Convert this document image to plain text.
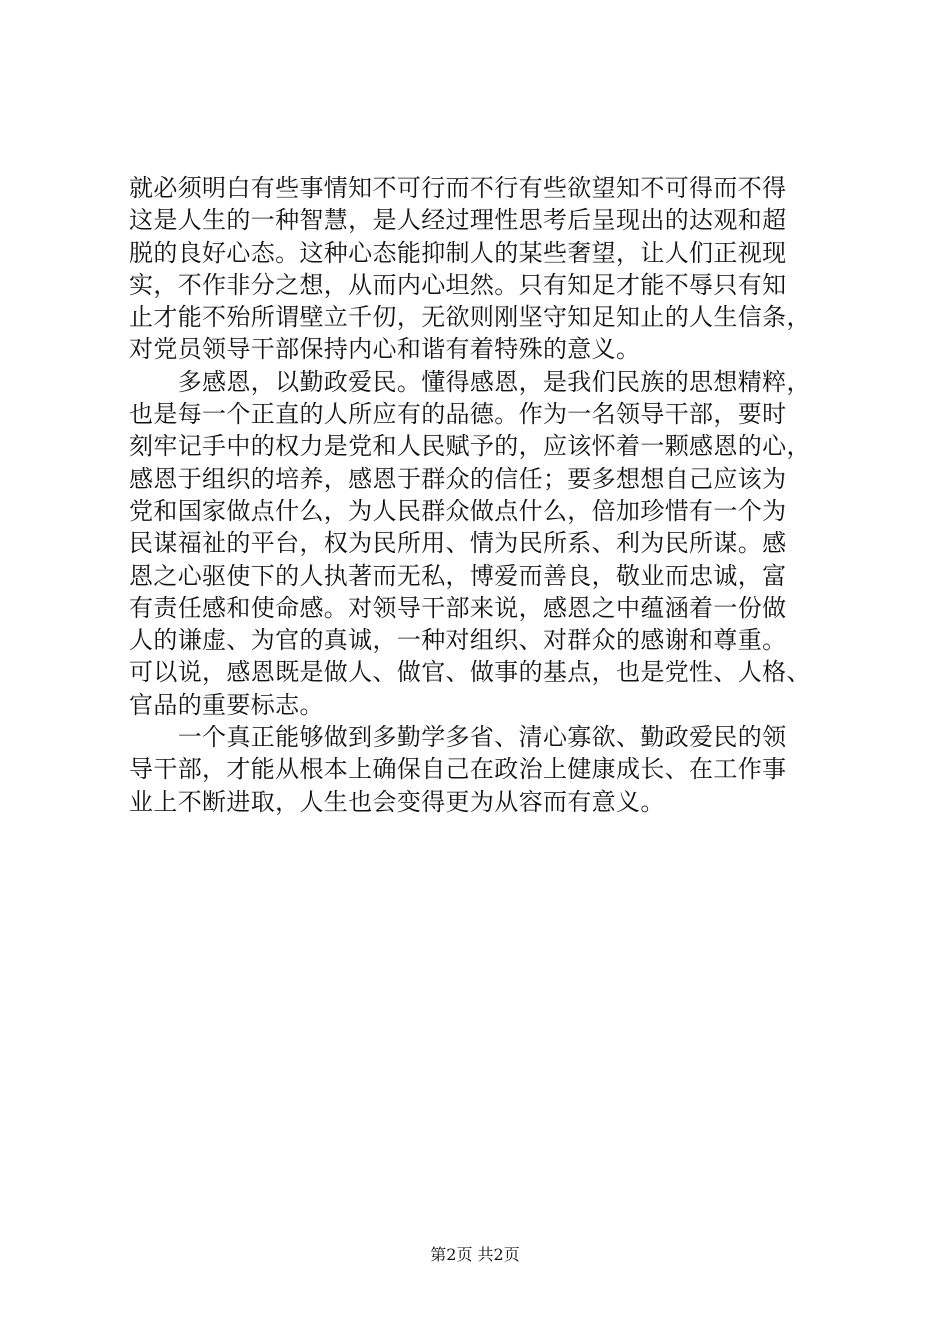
就必须明白有些事情知不可行而不行有些欲望知不可得而不得
这是人生的一种智慧，是人经过理性思考后呈现出的达观和超
脱的良好心态。这种心态能抑制人的某些奢望，让人们正视现
实，不作非分之想，从而内心坦然。只有知足才能不辱只有知
止才能不殆所谓壁立千仞，无欲则刚坚守知足知止的人生信条，
对党员领导干部保持内心和谐有着特殊的意义。
　　多感恩，以勤政爱民。懂得感恩，是我们民族的思想精粹，
也是每一个正直的人所应有的品德。作为一名领导干部，要时
刻牢记手中的权力是党和人民赋予的，应该怀着一颗感恩的心，
感恩于组织的培养，感恩于群众的信任；要多想想自己应该为
党和国家做点什么，为人民群众做点什么，倍加珍惜有一个为
民谋福祉的平台，权为民所用、情为民所系、利为民所谋。感
恩之心驱使下的人执著而无私，博爱而善良，敬业而忠诚，富
有责任感和使命感。对领导干部来说，感恩之中蕴涵着一份做
人的谦虚、为官的真诚，一种对组织、对群众的感谢和尊重。
可以说，感恩既是做人、做官、做事的基点，也是党性、人格、
官品的重要标志。
　　一个真正能够做到多勤学多省、清心寡欲、勤政爱民的领
导干部，才能从根本上确保自己在政治上健康成长、在工作事
业上不断进取，人生也会变得更为从容而有意义。
第2页 共2页
